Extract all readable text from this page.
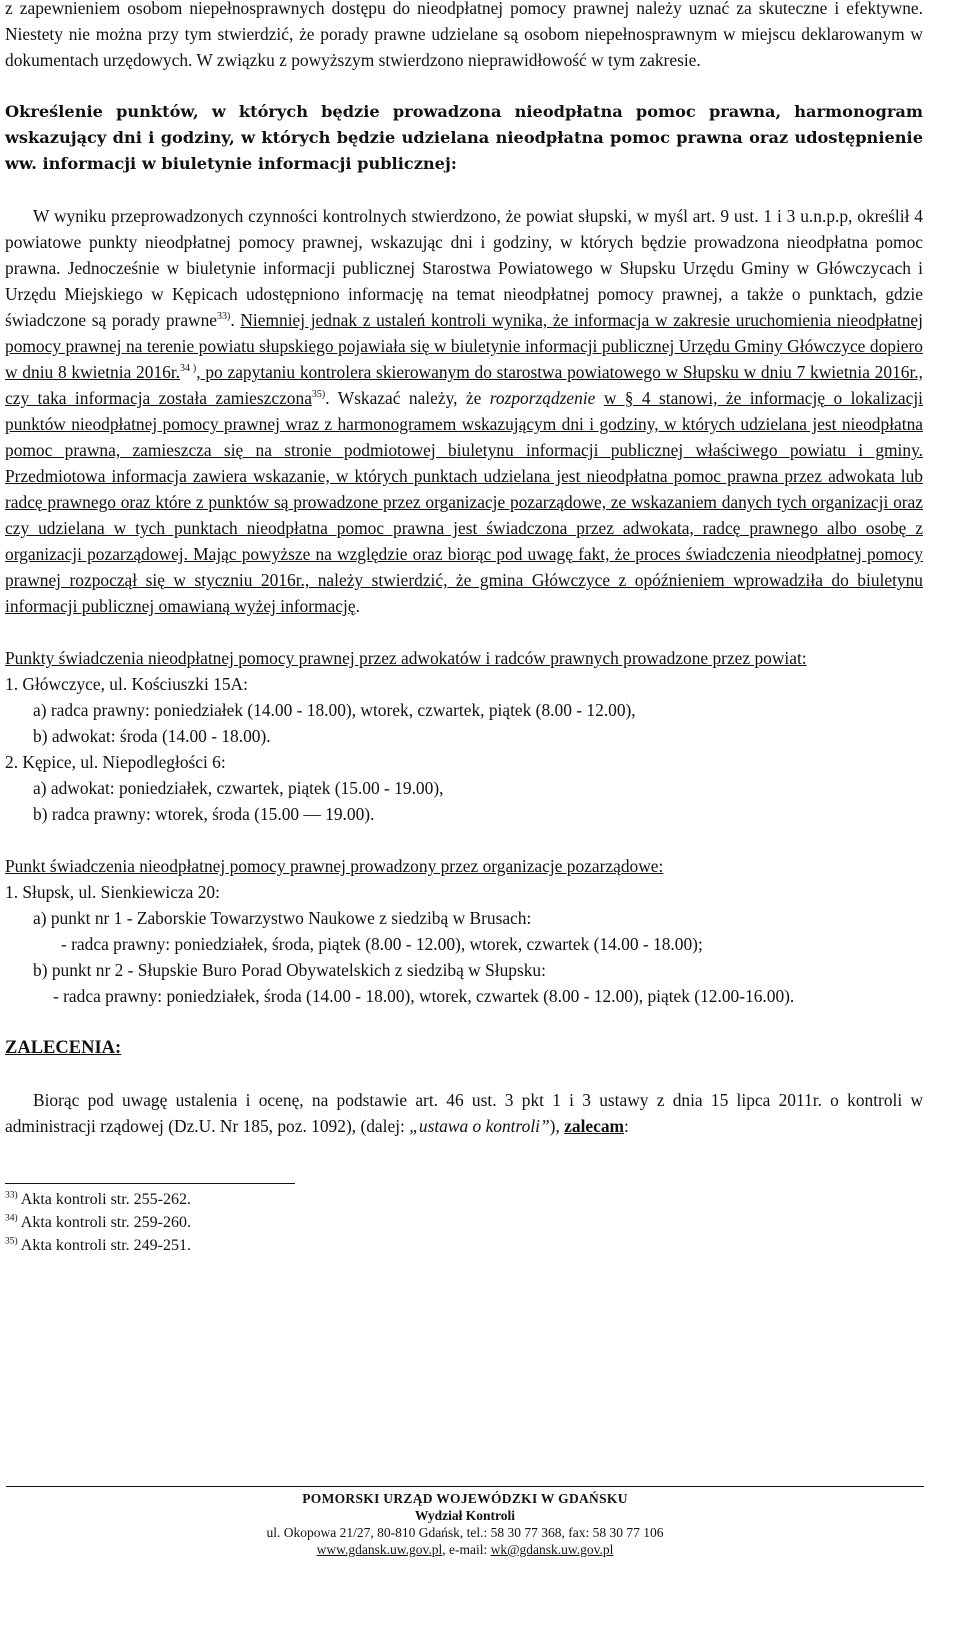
z zapewnieniem osobom niepełnosprawnych dostępu do nieodpłatnej pomocy prawnej należy uznać za skuteczne i efektywne. Niestety nie można przy tym stwierdzić, że porady prawne udzielane są osobom niepełnosprawnym w miejscu deklarowanym w dokumentach urzędowych. W związku z powyższym stwierdzono nieprawidłowość w tym zakresie.

Określenie punktów, w których będzie prowadzona nieodpłatna pomoc prawna, harmonogram wskazujący dni i godziny, w których będzie udzielana nieodpłatna pomoc prawna oraz udostępnienie ww. informacji w biuletynie informacji publicznej:

W wyniku przeprowadzonych czynności kontrolnych stwierdzono, że powiat słupski, w myśl art. 9 ust. 1 i 3 u.n.p.p, określił 4 powiatowe punkty nieodpłatnej pomocy prawnej, wskazując dni i godziny, w których będzie prowadzona nieodpłatna pomoc prawna. Jednocześnie w biuletynie informacji publicznej Starostwa Powiatowego w Słupsku Urzędu Gminy w Główczycach i Urzędu Miejskiego w Kępicach udostępniono informację na temat nieodpłatnej pomocy prawnej, a także o punktach, gdzie świadczone są porady prawne$^{33)}$. Niemniej jednak z ustaleń kontroli wynika, że informacja w zakresie uruchomienia nieodpłatnej pomocy prawnej na terenie powiatu słupskiego pojawiała się w biuletynie informacji publicznej Urzędu Gminy Główczyce dopiero w dniu 8 kwietnia 2016r.$^{34 )}$, po zapytaniu kontrolera skierowanym do starostwa powiatowego w Słupsku w dniu 7 kwietnia 2016r., czy taka informacja została zamieszczona$^{35)}$. Wskazać należy, że rozporządzenie w § 4 stanowi, że informację o lokalizacji punktów nieodpłatnej pomocy prawnej wraz z harmonogramem wskazującym dni i godziny, w których udzielana jest nieodpłatna pomoc prawna, zamieszcza się na stronie podmiotowej biuletynu informacji publicznej właściwego powiatu i gminy. Przedmiotowa informacja zawiera wskazanie, w których punktach udzielana jest nieodpłatna pomoc prawna przez adwokata lub radcę prawnego oraz które z punktów są prowadzone przez organizacje pozarządowe, ze wskazaniem danych tych organizacji oraz czy udzielana w tych punktach nieodpłatna pomoc prawna jest świadczona przez adwokata, radcę prawnego albo osobę z organizacji pozarządowej. Mając powyższe na względzie oraz biorąc pod uwagę fakt, że proces świadczenia nieodpłatnej pomocy prawnej rozpoczął się w styczniu 2016r., należy stwierdzić, że gmina Główczyce z opóźnieniem wprowadziła do biuletynu informacji publicznej omawianą wyżej informację.

Punkty świadczenia nieodpłatnej pomocy prawnej przez adwokatów i radców prawnych prowadzone przez powiat:

1. Główczyce, ul. Kościuszki 15A:

a) radca prawny: poniedziałek (14.00 - 18.00), wtorek, czwartek, piątek (8.00 - 12.00),

b) adwokat: środa (14.00 - 18.00).

2. Kępice, ul. Niepodległości 6:

a) adwokat: poniedziałek, czwartek, piątek (15.00 - 19.00),

b) radca prawny: wtorek, środa (15.00 — 19.00).

Punkt świadczenia nieodpłatnej pomocy prawnej prowadzony przez organizacje pozarządowe:

1. Słupsk, ul. Sienkiewicza 20:

a) punkt nr 1 - Zaborskie Towarzystwo Naukowe z siedzibą w Brusach:

- radca prawny: poniedziałek, środa, piątek (8.00 - 12.00), wtorek, czwartek (14.00 - 18.00);

b) punkt nr 2 - Słupskie Buro Porad Obywatelskich z siedzibą w Słupsku:

- radca prawny: poniedziałek, środa (14.00 - 18.00), wtorek, czwartek (8.00 - 12.00), piątek (12.00-16.00).

ZALECENIA:

Biorąc pod uwagę ustalenia i ocenę, na podstawie art. 46 ust. 3 pkt 1 i 3 ustawy z dnia 15 lipca 2011r. o kontroli w administracji rządowej (Dz.U. Nr 185, poz. 1092), (dalej: „ustawa o kontroli”), zalecam:

$^{33)}$ Akta kontroli str. 255-262.

$^{34)}$ Akta kontroli str. 259-260.

$^{35)}$ Akta kontroli str. 249-251.

POMORSKI URZĄD WOJEWÓDZKI W GDAŃSKU
Wydział Kontroli
ul. Okopowa 21/27, 80-810 Gdańsk, tel.: 58 30 77 368, fax: 58 30 77 106
www.gdansk.uw.gov.pl, e-mail: wk@gdansk.uw.gov.pl
